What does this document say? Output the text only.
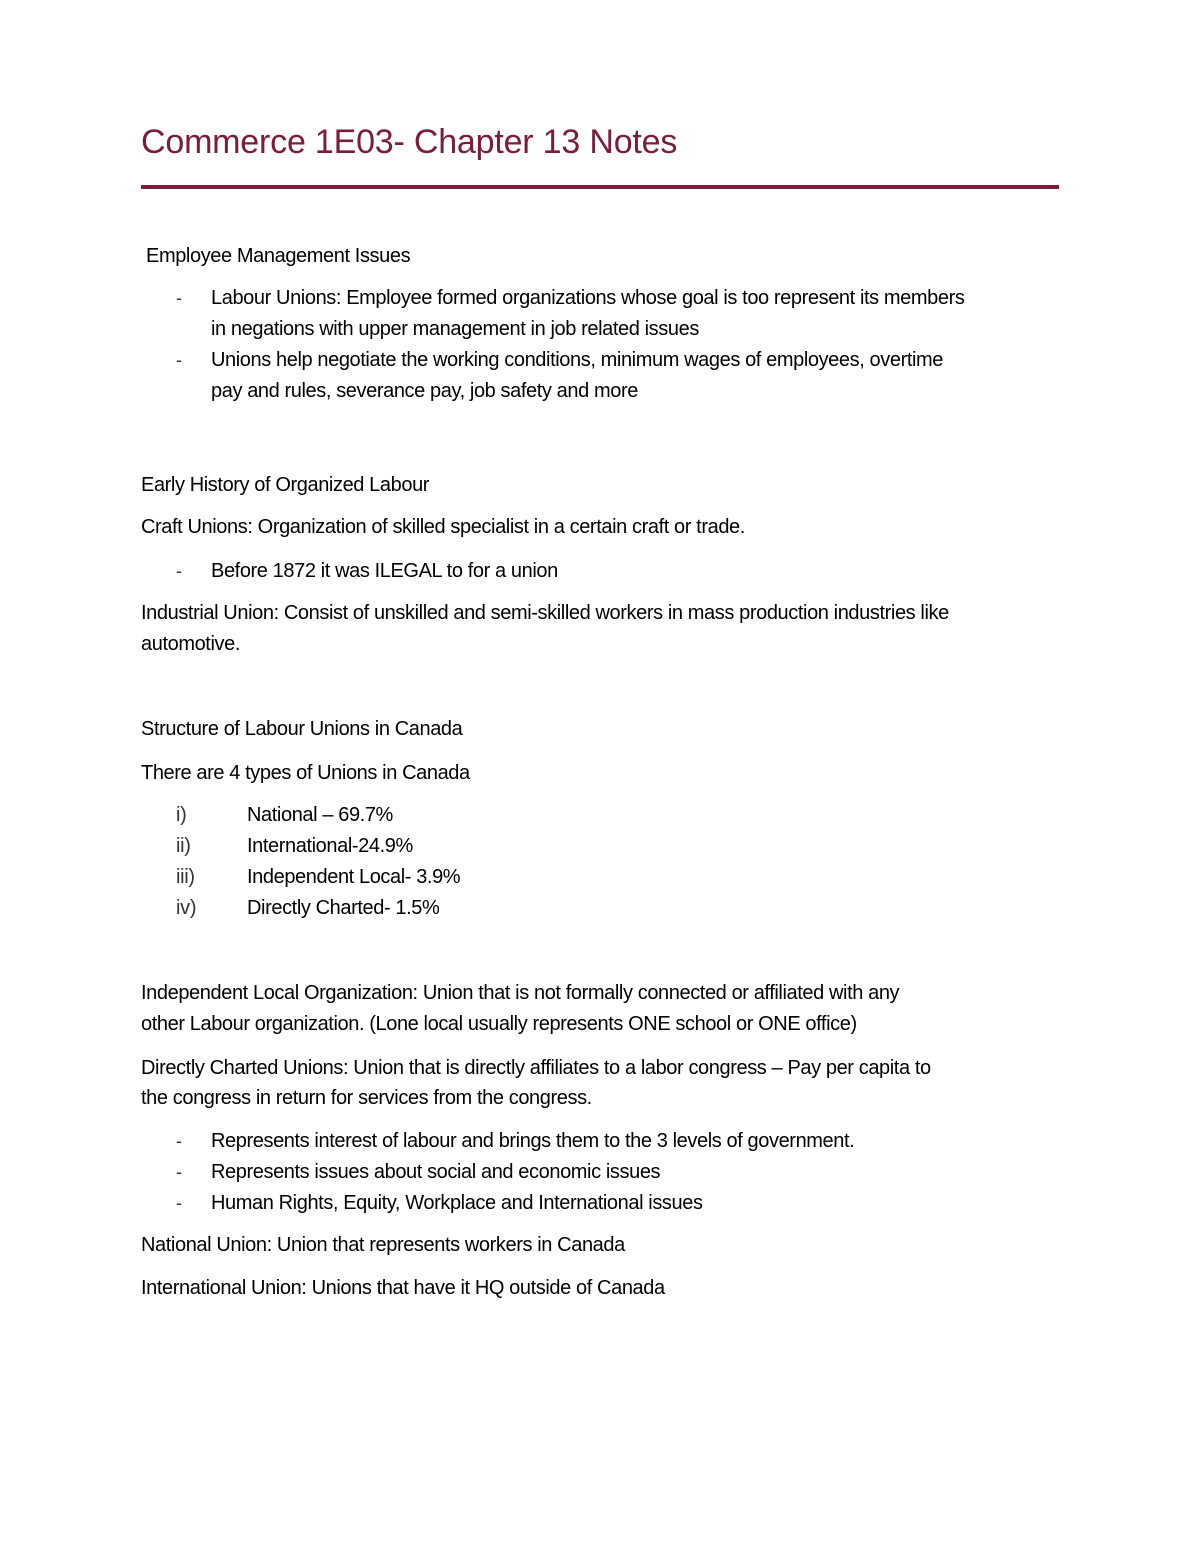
Commerce 1E03- Chapter 13 Notes
Employee Management Issues
- Labour Unions: Employee formed organizations whose goal is too represent its members
in negations with upper management in job related issues
- Unions help negotiate the working conditions, minimum wages of employees, overtime
pay and rules, severance pay, job safety and more
Early History of Organized Labour
Craft Unions: Organization of skilled specialist in a certain craft or trade.
- Before 1872 it was ILEGAL to for a union
Industrial Union: Consist of unskilled and semi-skilled workers in mass production industries like
automotive.
Structure of Labour Unions in Canada
There are 4 types of Unions in Canada
i)	National – 69.7%
ii)	International-24.9%
iii)	Independent Local- 3.9%
iv)	Directly Charted- 1.5%
Independent Local Organization: Union that is not formally connected or affiliated with any
other Labour organization. (Lone local usually represents ONE school or ONE office)
Directly Charted Unions: Union that is directly affiliates to a labor congress – Pay per capita to
the congress in return for services from the congress.
- Represents interest of labour and brings them to the 3 levels of government.
- Represents issues about social and economic issues
- Human Rights, Equity, Workplace and International issues
National Union: Union that represents workers in Canada
International Union: Unions that have it HQ outside of Canada
